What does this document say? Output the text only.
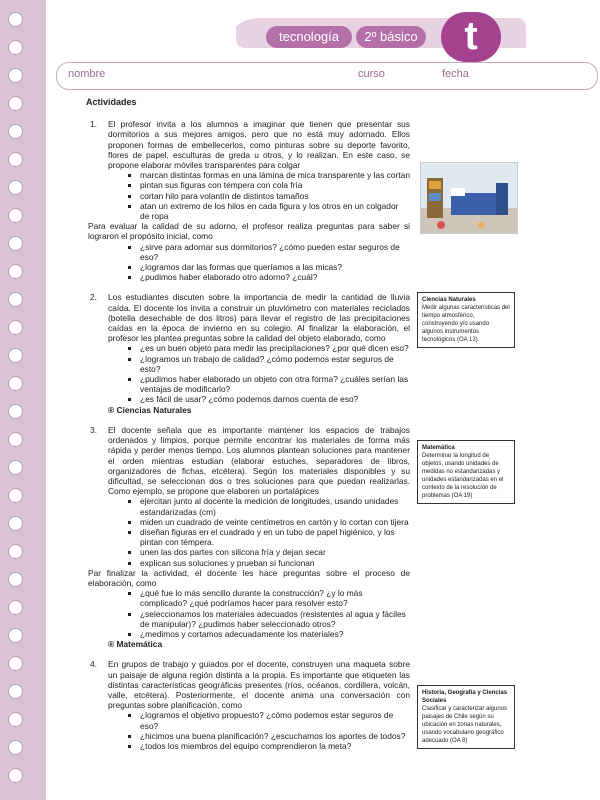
tecnología	2º básico	t
nombre	curso	fecha
Actividades
1. El profesor invita a los alumnos a imaginar que tienen que presentar sus dormitorios a sus mejores amigos, pero que no está muy adornado. Ellos proponen formas de embellecerlos, como pinturas sobre su deporte favorito, flores de papel, esculturas de greda u otros, y lo realizan. En este caso, se propone elaborar móviles transparentes para colgar

▪ marcan distintas formas en una lámina de mica transparente y las cortan
▪ pintan sus figuras con témpera con cola fría
▪ cortan hilo para volantín de distintos tamaños
▪ atan un extremo de los hilos en cada figura y los otros en un colgador de ropa

Para evaluar la calidad de su adorno, el profesor realiza preguntas para saber si lograron el propósito inicial, como

▪ ¿sirve para adornar sus dormitorios? ¿cómo pueden estar seguros de eso?
▪ ¿logramos dar las formas que queríamos a las micas?
▪ ¿pudimos haber elaborado otro adorno? ¿cuál?
2. Los estudiantes discuten sobre la importancia de medir la cantidad de lluvia caída. El docente los invita a construir un pluviómetro con materiales reciclados (botella desechable de dos litros) para llevar el registro de las precipitaciones caídas en la época de invierno en su colegio. Al finalizar la elaboración, el profesor les plantea preguntas sobre la calidad del objeto elaborado, como

▪ ¿es un buen objeto para medir las precipitaciones? ¿por qué dicen eso?
▪ ¿logramos un trabajo de calidad? ¿cómo podemos estar seguros de esto?
▪ ¿pudimos haber elaborado un objeto con otra forma? ¿cuáles serían las ventajas de modificarlo?
▪ ¿es fácil de usar? ¿cómo podemos darnos cuenta de eso?
® Ciencias Naturales
3. El docente señala que es importante mantener los espacios de trabajos ordenados y limpios, porque permite encontrar los materiales de forma más rápida y perder menos tiempo. Los alumnos plantean soluciones para mantener el orden mientras estudian (elaborar estuches, separadores de libros, organizadores de fichas, etcétera). Según los materiales disponibles y su dificultad, se seleccionan dos o tres soluciones para que puedan realizarlas. Como ejemplo, se propone que elaboren un portalápices

▪ ejercitan junto al docente la medición de longitudes, usando unidades estandarizadas (cm)
▪ miden un cuadrado de veinte centímetros en cartón y lo cortan con tijera
▪ diseñan figuras en el cuadrado y en un tubo de papel higiénico, y los pintan con témpera.
▪ unen las dos partes con silicona fría y dejan secar
▪ explican sus soluciones y prueban si funcionan

Par finalizar la actividad, el docente les hace preguntas sobre el proceso de elaboración, como

▪ ¿qué fue lo más sencillo durante la construcción? ¿y lo más complicado? ¿qué podríamos hacer para resolver esto?
▪ ¿seleccionamos los materiales adecuados (resistentes al agua y fáciles de manipular)? ¿pudimos haber seleccionado otros?
▪ ¿medimos y cortamos adecuadamente los materiales?
® Matemática
4. En grupos de trabajo y guiados por el docente, construyen una maqueta sobre un paisaje de alguna región distinta a la propia. Es importante que etiqueten las distintas características geográficas presentes (ríos, océanos, cordillera, volcán, valle, etcétera). Posteriormente, el docente anima una conversación con preguntas sobre planificación, como

▪ ¿logramos el objetivo propuesto? ¿cómo podemos estar seguros de eso?
▪ ¿hicimos una buena planificación? ¿escuchamos los aportes de todos?
▪ ¿todos los miembros del equipo comprendieron la meta?
Ciencias Naturales
Medir algunas características del tiempo atmosférico, construyendo y/o usando algunos instrumentos tecnológicos (OA 13)
Matemática
Determinar la longitud de objetos, usando unidades de medidas no estandarizadas y unidades estandarizadas en el contexto de la resolución de problemas (OA 19)
Historia, Geografía y Ciencias Sociales
Clasificar y caracterizar algunos paisajes de Chile según su ubicación en zonas naturales, usando vocabulario geográfico adecuado (OA 8)
